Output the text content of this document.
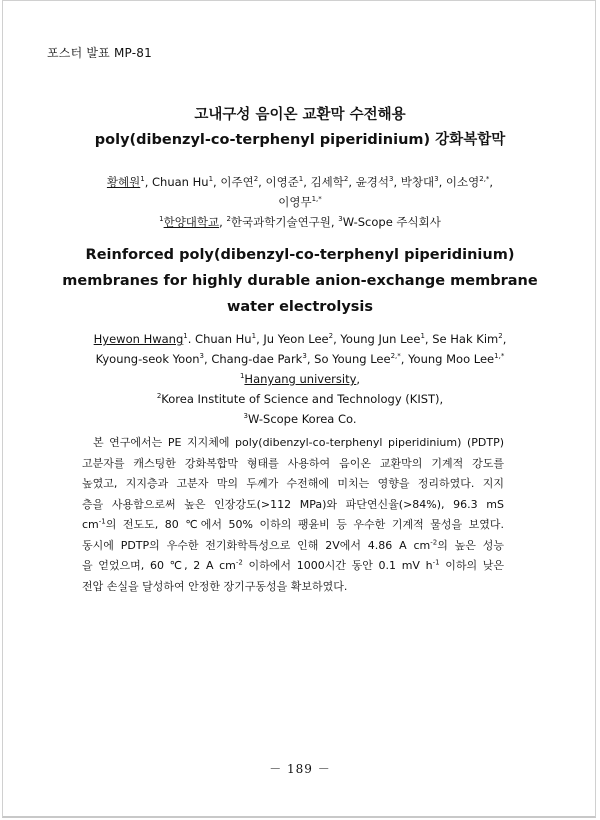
포스터 발표 MP-81

고내구성 음이온 교환막 수전해용

poly(dibenzyl-co-terphenyl piperidinium) 강화복합막

황혜원$^1$, Chuan Hu$^1$, 이주연$^2$, 이영준$^1$, 김세학$^2$, 윤경석$^3$, 박창대$^3$, 이소영$^{2,*}$,
이영무$^{1,*}$
$^1$한양대학교, $^2$한국과학기술연구원, $^3$W-Scope 주식회사

Reinforced poly(dibenzyl-co-terphenyl piperidinium)

membranes for highly durable anion-exchange membrane

water electrolysis

Hyewon Hwang$^1$. Chuan Hu$^1$, Ju Yeon Lee$^2$, Young Jun Lee$^1$, Se Hak Kim$^2$,
Kyoung-seok Yoon$^3$, Chang-dae Park$^3$, So Young Lee$^{2,*}$, Young Moo Lee$^{1,*}$
$^1$Hanyang university,
$^2$Korea Institute of Science and Technology (KIST),
$^3$W-Scope Korea Co.
본 연구에서는 PE 지지체에 poly(dibenzyl-co-terphenyl piperidinium) (PDTP)
고분자를 캐스팅한 강화복합막 형태를 사용하여 음이온 교환막의 기계적 강도를
높였고, 지지층과 고분자 막의 두께가 수전해에 미치는 영향을 정리하였다. 지지
층을 사용함으로써 높은 인장강도(>112 MPa)와 파단연신율(>84%), 96.3 mS
$cm^{-1}$의 전도도, 80 ℃에서 50% 이하의 팽윤비 등 우수한 기계적 물성을 보였다.
동시에 PDTP의 우수한 전기화학특성으로 인해 2V에서 4.86 A $cm^{-2}$의 높은 성능
을 얻었으며, 60 ℃, 2 A $cm^{-2}$ 이하에서 1000시간 동안 0.1 mV $h^{-1}$ 이하의 낮은
전압 손실을 달성하여 안정한 장기구동성을 확보하였다.
－ 189 －
